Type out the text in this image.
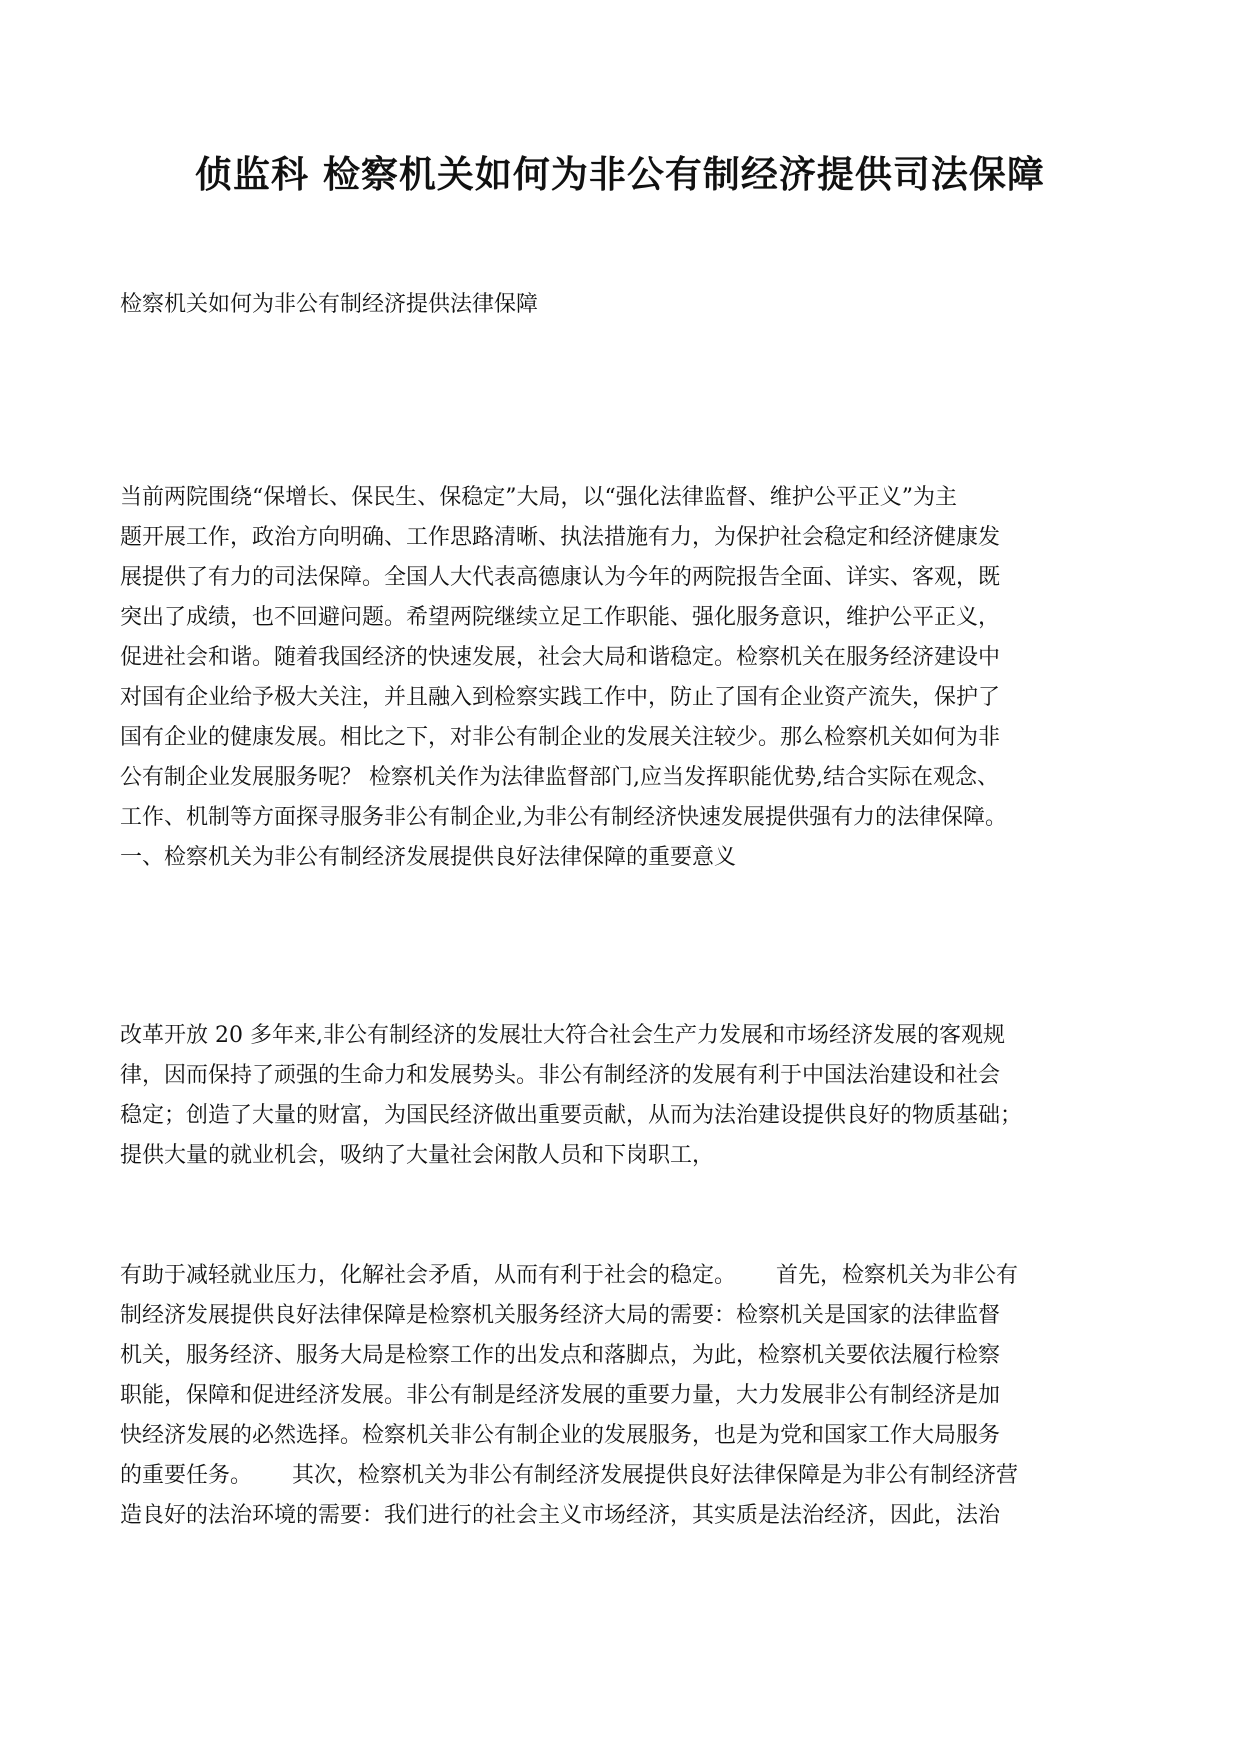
侦监科 检察机关如何为非公有制经济提供司法保障

检察机关如何为非公有制经济提供法律保障

当前两院围绕“保增长、保民生、保稳定”大局，以“强化法律监督、维护公平正义”为主
题开展工作，政治方向明确、工作思路清晰、执法措施有力，为保护社会稳定和经济健康发
展提供了有力的司法保障。全国人大代表高德康认为今年的两院报告全面、详实、客观，既
突出了成绩，也不回避问题。希望两院继续立足工作职能、强化服务意识，维护公平正义，
促进社会和谐。随着我国经济的快速发展，社会大局和谐稳定。检察机关在服务经济建设中
对国有企业给予极大关注，并且融入到检察实践工作中，防止了国有企业资产流失，保护了
国有企业的健康发展。相比之下，对非公有制企业的发展关注较少。那么检察机关如何为非
公有制企业发展服务呢？ 检察机关作为法律监督部门,应当发挥职能优势,结合实际在观念、
工作、机制等方面探寻服务非公有制企业,为非公有制经济快速发展提供强有力的法律保障。
一、检察机关为非公有制经济发展提供良好法律保障的重要意义
改革开放 20 多年来,非公有制经济的发展壮大符合社会生产力发展和市场经济发展的客观规
律，因而保持了顽强的生命力和发展势头。非公有制经济的发展有利于中国法治建设和社会
稳定；创造了大量的财富，为国民经济做出重要贡献，从而为法治建设提供良好的物质基础；
提供大量的就业机会，吸纳了大量社会闲散人员和下岗职工，
有助于减轻就业压力，化解社会矛盾，从而有利于社会的稳定。 首先，检察机关为非公有
制经济发展提供良好法律保障是检察机关服务经济大局的需要：检察机关是国家的法律监督
机关，服务经济、服务大局是检察工作的出发点和落脚点，为此，检察机关要依法履行检察
职能，保障和促进经济发展。非公有制是经济发展的重要力量，大力发展非公有制经济是加
快经济发展的必然选择。检察机关非公有制企业的发展服务，也是为党和国家工作大局服务
的重要任务。 其次，检察机关为非公有制经济发展提供良好法律保障是为非公有制经济营
造良好的法治环境的需要：我们进行的社会主义市场经济，其实质是法治经济，因此，法治
